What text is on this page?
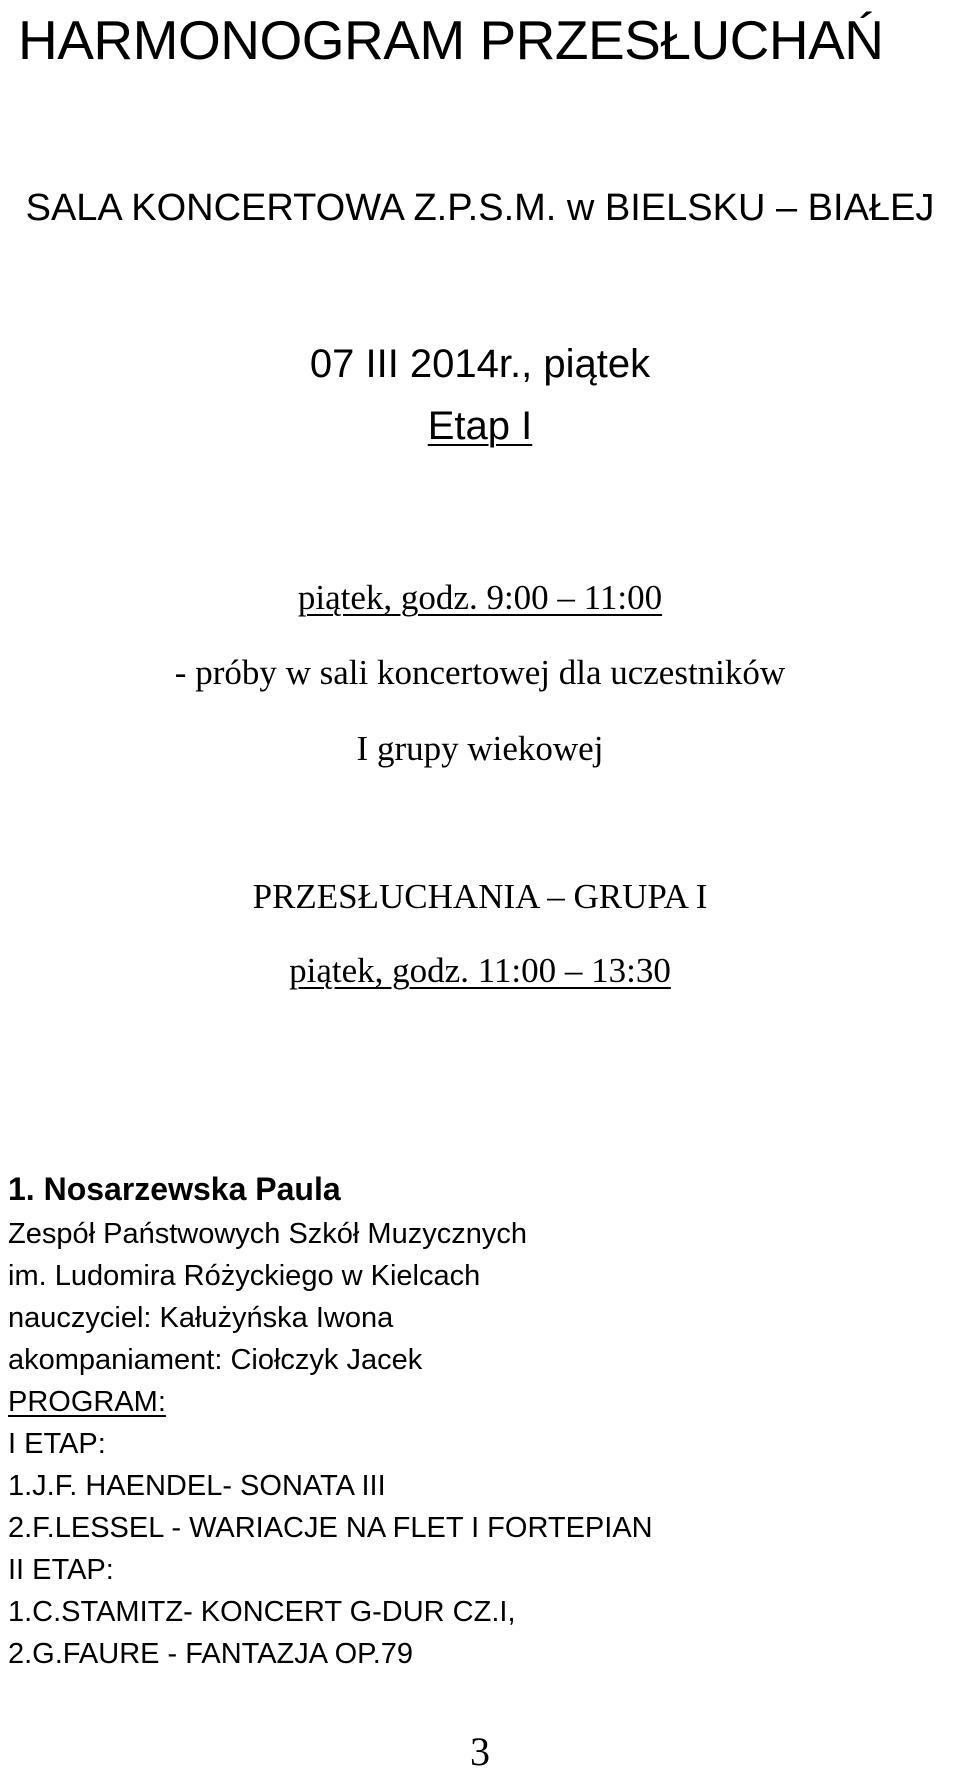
HARMONOGRAM PRZESŁUCHAŃ
SALA KONCERTOWA Z.P.S.M. w BIELSKU – BIAŁEJ
07 III 2014r., piątek
Etap I
piątek, godz. 9:00 – 11:00
- próby w sali koncertowej dla uczestników
I grupy wiekowej
PRZESŁUCHANIA – GRUPA I
piątek, godz. 11:00 – 13:30
1. Nosarzewska Paula
Zespół Państwowych Szkół Muzycznych
im. Ludomira Różyckiego w Kielcach
nauczyciel: Kałużyńska Iwona
akompaniament: Ciołczyk Jacek
PROGRAM:
I ETAP:
1.J.F. HAENDEL- SONATA III
2.F.LESSEL - WARIACJE NA FLET I FORTEPIAN
II ETAP:
1.C.STAMITZ- KONCERT G-DUR CZ.I,
2.G.FAURE - FANTAZJA OP.79
3
